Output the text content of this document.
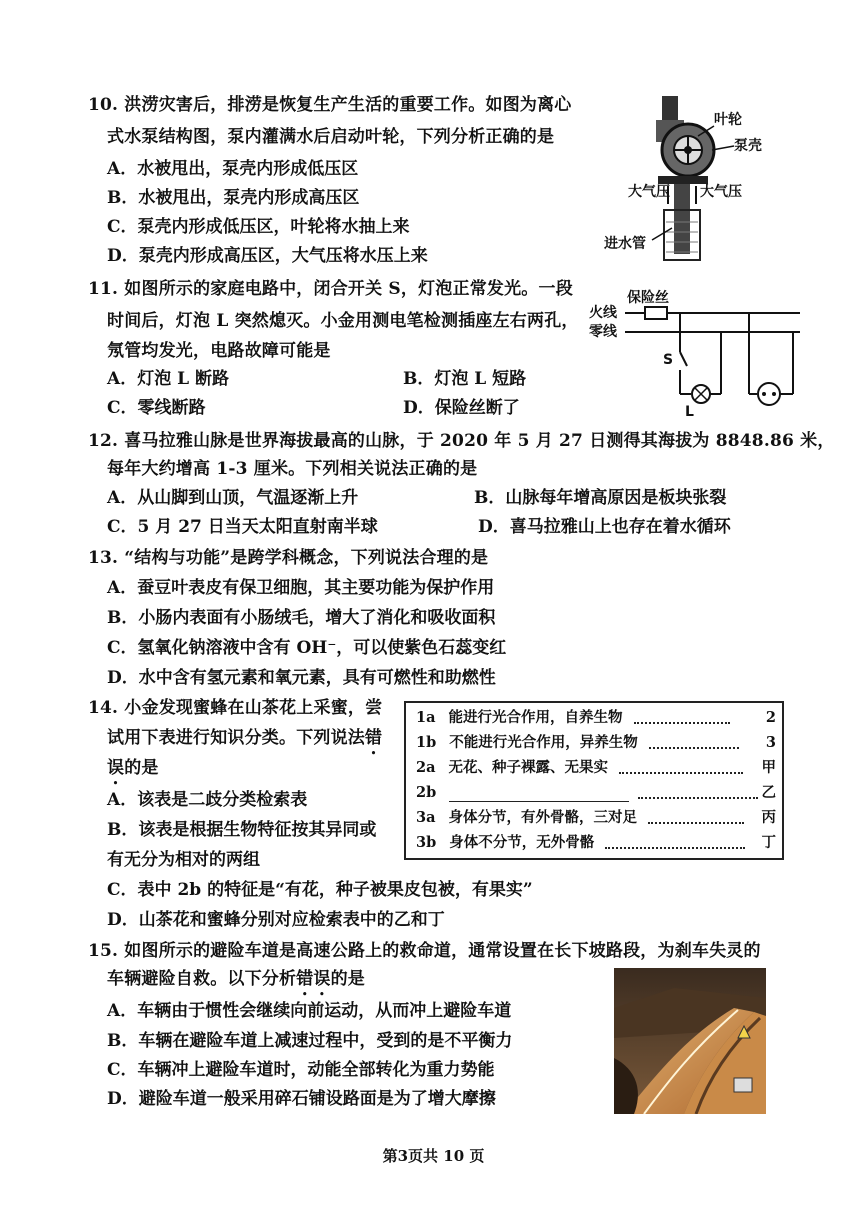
10. 洪涝灾害后，排涝是恢复生产生活的重要工作。如图为离心
式水泵结构图，泵内灌满水后启动叶轮，下列分析正确的是
A．水被甩出，泵壳内形成低压区
B．水被甩出，泵壳内形成高压区
C．泵壳内形成低压区，叶轮将水抽上来
D．泵壳内形成高压区，大气压将水压上来
叶轮
泵壳
大气压 大气压
进水管
11. 如图所示的家庭电路中，闭合开关 S，灯泡正常发光。一段
时间后，灯泡 L 突然熄灭。小金用测电笔检测插座左右两孔，
氖管均发光，电路故障可能是
A．灯泡 L 断路	B．灯泡 L 短路
C．零线断路	D．保险丝断了
保险丝
火线
零线
S
L
12. 喜马拉雅山脉是世界海拔最高的山脉，于 2020 年 5 月 27 日测得其海拔为 8848.86 米，
每年大约增高 1-3 厘米。下列相关说法正确的是
A．从山脚到山顶，气温逐渐上升	B．山脉每年增高原因是板块张裂
C．5 月 27 日当天太阳直射南半球	D．喜马拉雅山上也存在着水循环
13. “结构与功能”是跨学科概念，下列说法合理的是
A．蚕豆叶表皮有保卫细胞，其主要功能为保护作用
B．小肠内表面有小肠绒毛，增大了消化和吸收面积
C．氢氧化钠溶液中含有 OH⁻，可以使紫色石蕊变红
D．水中含有氢元素和氧元素，具有可燃性和助燃性
14. 小金发现蜜蜂在山茶花上采蜜，尝
试用下表进行知识分类。下列说法错
误的是
A．该表是二歧分类检索表
B．该表是根据生物特征按其异同或
有无分为相对的两组
C．表中 2b 的特征是“有花，种子被果皮包被，有果实”
D．山茶花和蜜蜂分别对应检索表中的乙和丁
1a 能进行光合作用，自养生物	2
1b 不能进行光合作用，异养生物	3
2a 无花、种子裸露、无果实	甲
2b	乙
3a 身体分节，有外骨骼，三对足	丙
3b 身体不分节，无外骨骼	丁
15. 如图所示的避险车道是高速公路上的救命道，通常设置在长下坡路段，为刹车失灵的
车辆避险自救。以下分析错误的是
A．车辆由于惯性会继续向前运动，从而冲上避险车道
B．车辆在避险车道上减速过程中，受到的是不平衡力
C．车辆冲上避险车道时，动能全部转化为重力势能
D．避险车道一般采用碎石铺设路面是为了增大摩擦
第3页共 10 页
